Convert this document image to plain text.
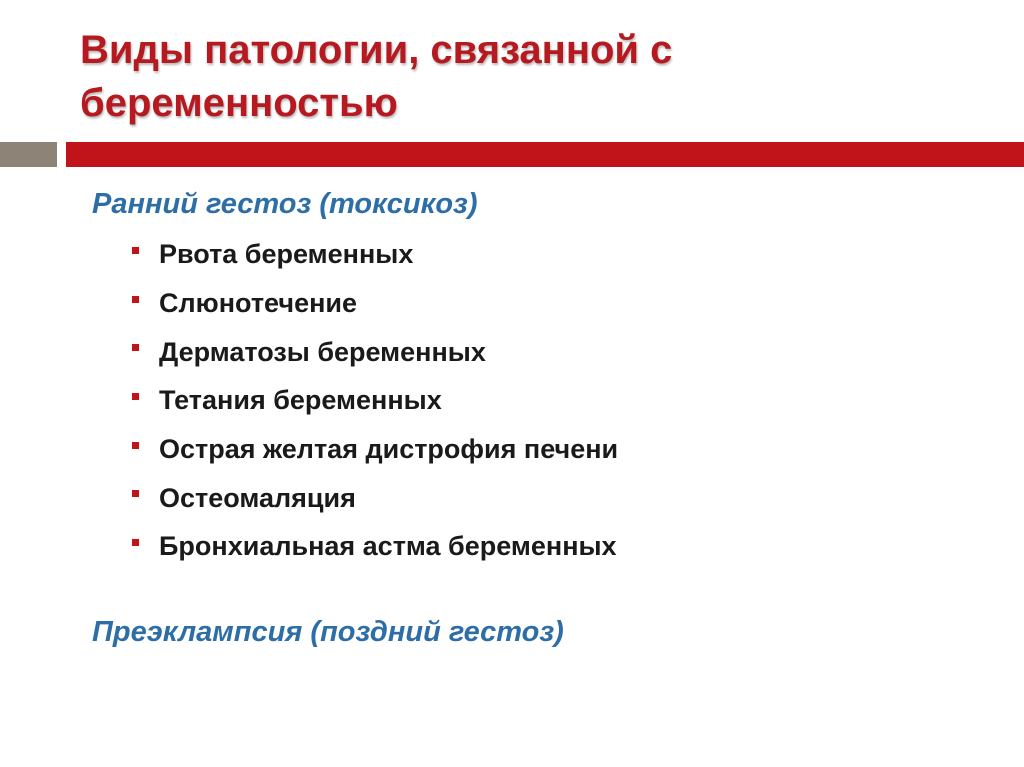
Виды патологии, связанной с беременностью
Ранний гестоз (токсикоз)
Рвота беременных
Слюнотечение
Дерматозы беременных
Тетания беременных
Острая желтая дистрофия печени
Остеомаляция
Бронхиальная астма беременных
Преэклампсия (поздний гестоз)
